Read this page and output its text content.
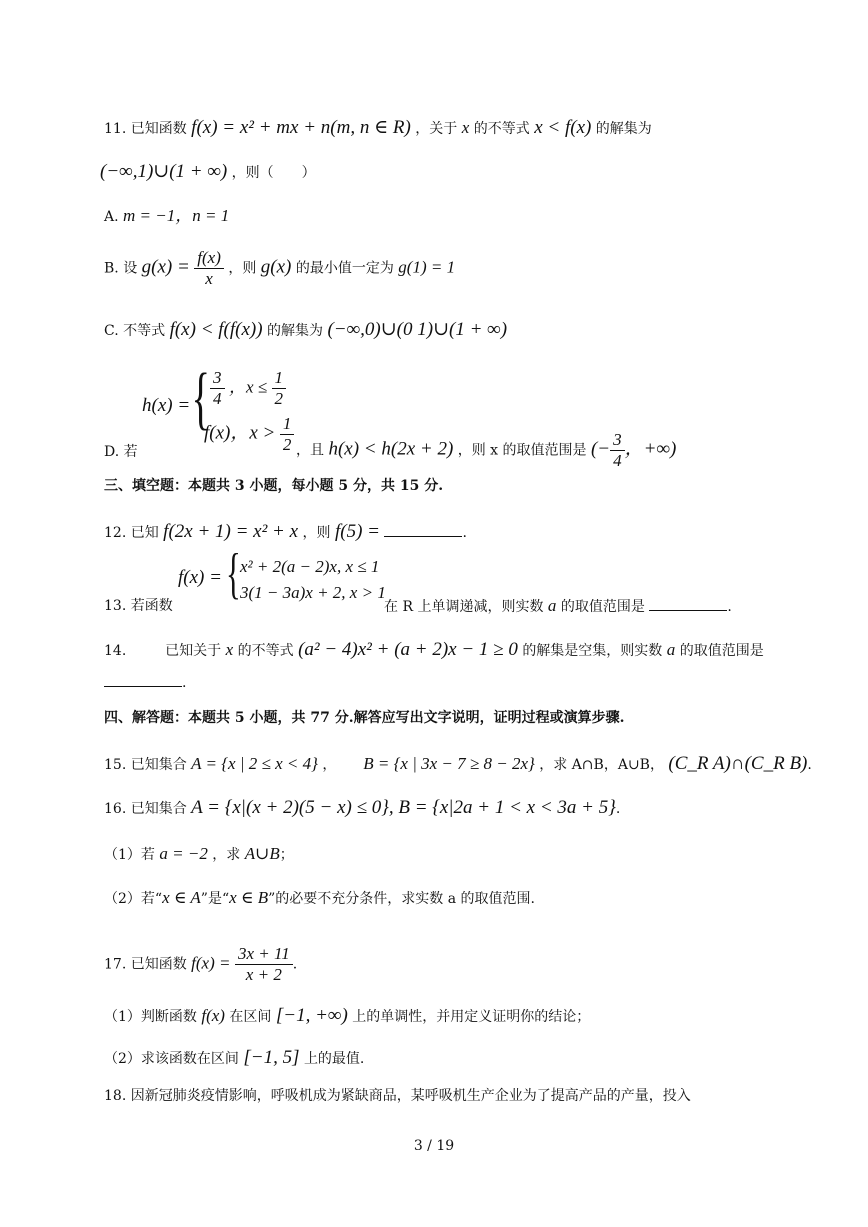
11. 已知函数 f(x) = x² + mx + n(m, n ∈ R) ，关于 x 的不等式 x < f(x) 的解集为
(−∞,1)∪(1 + ∞) ，则（　　）
A. m = −1，n = 1
B. 设 $g(x) = \frac{f(x)}{x}$ ，则 g(x) 的最小值一定为 g(1) = 1
C. 不等式 f(x) < f(f(x)) 的解集为 (−∞,0)∪(0 1)∪(1 + ∞)
h(x) = { $\frac{3}{4}$ ，$x \le \frac{1}{2}$
f(x)，$x > \frac{1}{2}$
D. 若	，且 h(x) < h(2x + 2) ，则 x 的取值范围是 (− $\frac{3}{4}$ ，+∞)
三、填空题：本题共 3 小题，每小题 5 分，共 15 分.
12. 已知 f(2x + 1) = x² + x ，则 f(5) =	.
f(x) = { x² + 2(a − 2)x, x ≤ 1
3(1 − 3a)x + 2, x > 1
13. 若函数	在 R 上单调递减，则实数 a 的取值范围是	.
14.	已知关于 x 的不等式 (a² − 4)x² + (a + 2)x − 1 ≥ 0 的解集是空集，则实数 a 的取值范围是
.
四、解答题：本题共 5 小题，共 77 分.解答应写出文字说明，证明过程或演算步骤.
15. 已知集合 A = {x | 2 ≤ x < 4} ， B = {x | 3x − 7 ≥ 8 − 2x} ，求 A∩B，A∪B， (C_R A)∩(C_R B).
16. 已知集合 A = {x|(x + 2)(5 − x) ≤ 0}, B = {x|2a + 1 < x < 3a + 5}.
（1）若 a = −2 ，求 A∪B；
（2）若“x ∈ A”是“x ∈ B”的必要不充分条件，求实数 a 的取值范围.
17. 已知函数 $f(x) = \frac{3x + 11}{x + 2}$ .
（1）判断函数 f(x) 在区间 [−1, +∞) 上的单调性，并用定义证明你的结论；
（2）求该函数在区间 [−1, 5] 上的最值.
18. 因新冠肺炎疫情影响，呼吸机成为紧缺商品，某呼吸机生产企业为了提高产品的产量，投入
3 / 19
